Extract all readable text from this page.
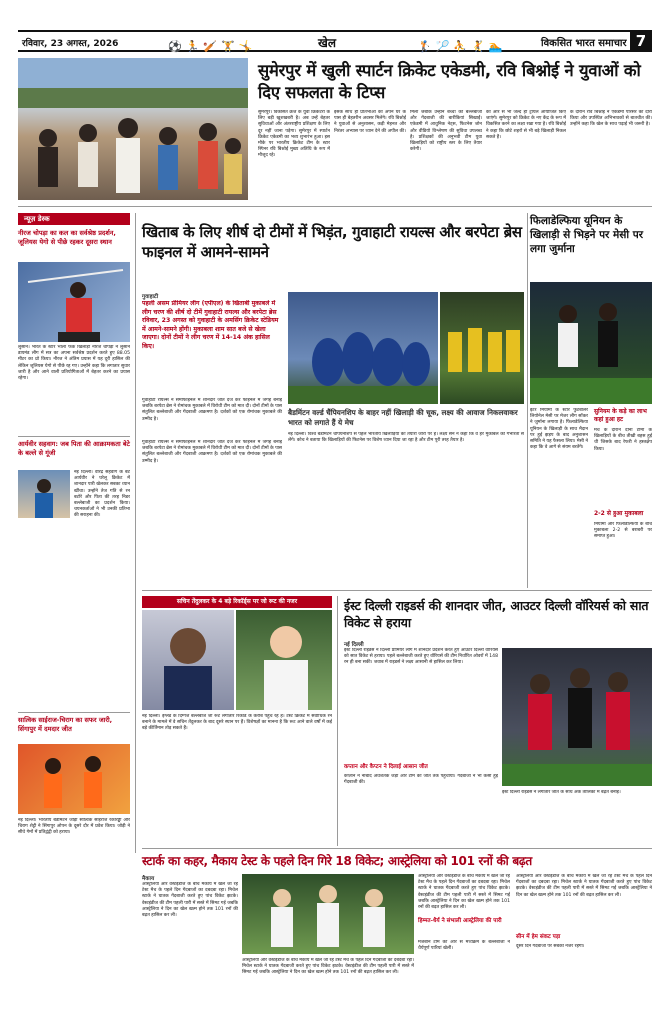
रविवार, 23 अगस्त, 2026	⚽🏃🏏🏋🤸	खेल	🏌🏸⛹🤾🏊	विकसित भारत समाचार 7
सुमेरपुर में खुली स्पार्टन क्रिकेट एकेडमी, रवि बिश्नोई ने युवाओं को दिए सफलता के टिप्स
सुमेरपुर। विकसित क्रेज के युवा क्रिकेटरों के लिए बड़ी खुशखबरी है। अब उन्हें बेहतर सुविधाओं और अंतरराष्ट्रीय प्रशिक्षण के लिए दूर नहीं जाना पड़ेगा। सुमेरपुर में स्पार्टन क्रिकेट एकेडमी का भव्य शुभारंभ हुआ। इस मौके पर भारतीय क्रिकेट टीम के स्टार स्पिनर रवि बिश्नोई मुख्य अतिथि के रूप में मौजूद रहे।
इसके साथ ही प्रतिभाओं को अपने घर के पास ही बेहतरीन अवसर मिलेंगे। रवि बिश्नोई ने युवाओं से अनुशासन, कड़ी मेहनत और निरंतर अभ्यास पर ध्यान देने की अपील की।
मिला जबकि उन्होंने बच्चों को बल्लेबाजी और गेंदबाजी की बारीकियां सिखाईं। एकेडमी में आधुनिक नेट्स, फिटनेस जोन और वीडियो विश्लेषण की सुविधा उपलब्ध है। प्रशिक्षकों की अनुभवी टीम युवा खिलाड़ियों को राष्ट्रीय स्तर के लिए तैयार करेगी।
की ओर से भी जल्द ही ट्रायल आयोजित किए जाएंगे। सुमेरपुर को क्रिकेट के नए केंद्र के रूप में विकसित करने का लक्ष्य रखा गया है। रवि बिश्नोई ने कहा कि छोटे शहरों से भी बड़े खिलाड़ी निकल सकते हैं।
के दौरान रवि बिश्नोई ने एकेडमी परिसर का दौरा किया और उपस्थित अभिभावकों से बातचीत की। उन्होंने कहा कि खेल के साथ पढ़ाई भी जरूरी है।
न्यूज़ डेस्क
नीरज चोपड़ा का कल का सर्वश्रेष्ठ प्रदर्शन, जूलियस येगो से पीछे रहकर दूसरा स्थान
लुसाने। भारत के स्टार भाला फेंक खिलाड़ी नीरज चोपड़ा ने लुसाने डायमंड लीग में सत्र का अपना सर्वश्रेष्ठ प्रदर्शन करते हुए 88.05 मीटर का थ्रो किया। नीरज ने अंतिम प्रयास में यह दूरी हासिल की लेकिन जूलियस येगो से पीछे रह गए। उन्होंने कहा कि लगातार सुधार जारी है और आने वाली प्रतियोगिताओं में बेहतर करने का प्रयास रहेगा।
आर्यवीर सहवाग: जब पिता की आक्रामकता बेटे के बल्ले से गूंजी
नई दिल्ली। वीरेंद्र सहवाग के बेटे आर्यवीर ने घरेलू क्रिकेट में शानदार पारी खेलकर सबका ध्यान खींचा। उन्होंने तेज गति से रन बटोरे और पिता की तरह निडर बल्लेबाजी का प्रदर्शन किया। चयनकर्ताओं ने भी उनकी प्रतिभा की सराहना की।
सात्विक साईराज-चिराग का सफर जारी, सिंगापुर में दमदार जीत
नई दिल्ली। भारतीय बैडमिंटन जोड़ी सात्विक साईराज रंकीरेड्डी और चिराग शेट्टी ने सिंगापुर ओपन के दूसरे दौर में प्रवेश किया। जोड़ी ने सीधे गेमों में प्रतिद्वंद्वी को हराया।
खिताब के लिए शीर्ष दो टीमों में भिड़ंत, गुवाहाटी रायल्स और बरपेटा ब्रेस फाइनल में आमने-सामने
गुवाहाटी
पहली असम प्रीमियर लीग (एपीएल) के खिताबी मुकाबले में लीग चरण की शीर्ष दो टीमें गुवाहाटी रायल्स और बरपेटा ब्रेस रविवार, 23 अगस्त को गुवाहाटी के अमसिंग क्रिकेट स्टेडियम में आमने-सामने होंगी। मुकाबला शाम सात बजे से खेला जाएगा। दोनों टीमों ने लीग चरण में 14-14 अंक हासिल किए।
गुवाहाटी रायल्स ने सेमीफाइनल में शानदार जीत दर्ज कर फाइनल में जगह बनाई जबकि बरपेटा ब्रेस ने रोमांचक मुकाबले में विरोधी टीम को मात दी। दोनों टीमों के पास संतुलित बल्लेबाजी और गेंदबाजी आक्रमण है। दर्शकों को एक रोमांचक मुकाबले की उम्मीद है।
बैडमिंटन वर्ल्ड चैंपियनशिप के बाहर नहीं खिलाड़ी की चूक, लक्ष्य की आवाज निकलवाकर भारत को लगाते हैं ये मेच
नई दिल्ली। विश्व बैडमिंटन चैंपियनशिप से पहले भारतीय खिलाड़ियों की तैयारी जोरों पर है। लक्ष्य सेन ने कहा कि वे हर मुकाबले को गंभीरता से लेंगे। कोच ने बताया कि खिलाड़ियों की फिटनेस पर विशेष ध्यान दिया जा रहा है और टीम पूरी तरह तैयार है।
गुवाहाटी रायल्स ने सेमीफाइनल में शानदार जीत दर्ज कर फाइनल में जगह बनाई जबकि बरपेटा ब्रेस ने रोमांचक मुकाबले में विरोधी टीम को मात दी। दोनों टीमों के पास संतुलित बल्लेबाजी और गेंदबाजी आक्रमण है। दर्शकों को एक रोमांचक मुकाबले की उम्मीद है।
फिलाडेल्फिया यूनियन के खिलाड़ी से भिड़ने पर मेसी पर लगा जुर्माना
इंटर मियामी के स्टार फुटबॉलर लियोनेल मेसी पर मेजर लीग सॉकर ने जुर्माना लगाया है। फिलाडेल्फिया यूनियन के खिलाड़ी के साथ मैदान पर हुई झड़प के बाद अनुशासन समिति ने यह फैसला लिया। मेसी ने कहा कि वे आगे से संयम बरतेंगे।
सुनियम के कड़े का लाभ कहां हुआ हट
मैच के दौरान दोनों टीमों के खिलाड़ियों के बीच तीखी बहस हुई थी जिसके बाद रेफरी ने हस्तक्षेप किया।
2-2 से हुआ मुकाबला
मियामी और फिलाडेल्फिया के बीच मुकाबला 2-2 से बराबरी पर समाप्त हुआ।
सचिन तेंदुलकर के 4 बड़े रिकॉर्ड्स पर जो रूट की नजर
नई दिल्ली। इंग्लैंड के दिग्गज बल्लेबाज जो रूट लगातार रिकॉर्ड के करीब पहुंच रहे हैं। टेस्ट क्रिकेट में सर्वाधिक रन बनाने के मामले में वे सचिन तेंदुलकर के बाद दूसरे स्थान पर हैं। विशेषज्ञों का मानना है कि रूट आने वाले वर्षों में कई बड़े कीर्तिमान तोड़ सकते हैं।
ईस्ट दिल्ली राइडर्स की शानदार जीत, आउटर दिल्ली वॉरियर्स को सात विकेट से हराया
नई दिल्ली
ईस्ट दिल्ली राइडर्स ने दिल्ली प्रीमियर लीग में शानदार प्रदर्शन करते हुए आउटर दिल्ली वॉरियर्स को सात विकेट से हराया। पहले बल्लेबाजी करते हुए वॉरियर्स की टीम निर्धारित ओवरों में 148 रन ही बना सकी। जवाब में राइडर्स ने लक्ष्य आसानी से हासिल कर लिया।
कप्तान और कैप्टन ने दिलाई आसान जीत
कप्तान ने नाबाद अर्धशतक जड़ा और टीम को जीत तक पहुंचाया। गेंदबाजों ने भी कसी हुई गेंदबाजी की।
ईस्ट दिल्ली राइडर्स ने लगातार जीत के साथ अंक तालिका में बढ़त बनाई।
स्टार्क का कहर, मैकाय टेस्ट के पहले दिन गिरे 18 विकेट; आस्ट्रेलिया को 101 रनों की बढ़त
मैकाय
आस्ट्रेलिया और वेस्टइंडीज के बीच मैकाय में खेले जा रहे टेस्ट मैच के पहले दिन गेंदबाजों का दबदबा रहा। मिचेल स्टार्क ने घातक गेंदबाजी करते हुए पांच विकेट झटके। वेस्टइंडीज की टीम पहली पारी में सस्ते में सिमट गई जबकि आस्ट्रेलिया ने दिन का खेल खत्म होने तक 101 रनों की बढ़त हासिल कर ली।
आस्ट्रेलिया और वेस्टइंडीज के बीच मैकाय में खेले जा रहे टेस्ट मैच के पहले दिन गेंदबाजों का दबदबा रहा। मिचेल स्टार्क ने घातक गेंदबाजी करते हुए पांच विकेट झटके। वेस्टइंडीज की टीम पहली पारी में सस्ते में सिमट गई जबकि आस्ट्रेलिया ने दिन का खेल खत्म होने तक 101 रनों की बढ़त हासिल कर ली।
आस्ट्रेलिया और वेस्टइंडीज के बीच मैकाय में खेले जा रहे टेस्ट मैच के पहले दिन गेंदबाजों का दबदबा रहा। मिचेल स्टार्क ने घातक गेंदबाजी करते हुए पांच विकेट झटके। वेस्टइंडीज की टीम पहली पारी में सस्ते में सिमट गई जबकि आस्ट्रेलिया ने दिन का खेल खत्म होने तक 101 रनों की बढ़त हासिल कर ली।
हिम्मत-धैर्य ने संभाली आस्ट्रेलिया की पारी
मेजबान टीम की ओर से मध्यक्रम के बल्लेबाजों ने धैर्यपूर्ण पारियां खेलीं।
आस्ट्रेलिया और वेस्टइंडीज के बीच मैकाय में खेले जा रहे टेस्ट मैच के पहले दिन गेंदबाजों का दबदबा रहा। मिचेल स्टार्क ने घातक गेंदबाजी करते हुए पांच विकेट झटके। वेस्टइंडीज की टीम पहली पारी में सस्ते में सिमट गई जबकि आस्ट्रेलिया ने दिन का खेल खत्म होने तक 101 रनों की बढ़त हासिल कर ली।
सीन में हेम संकट पड़ा
दूसरे दिन गेंदबाजों पर सबकी नजर रहेगी।
